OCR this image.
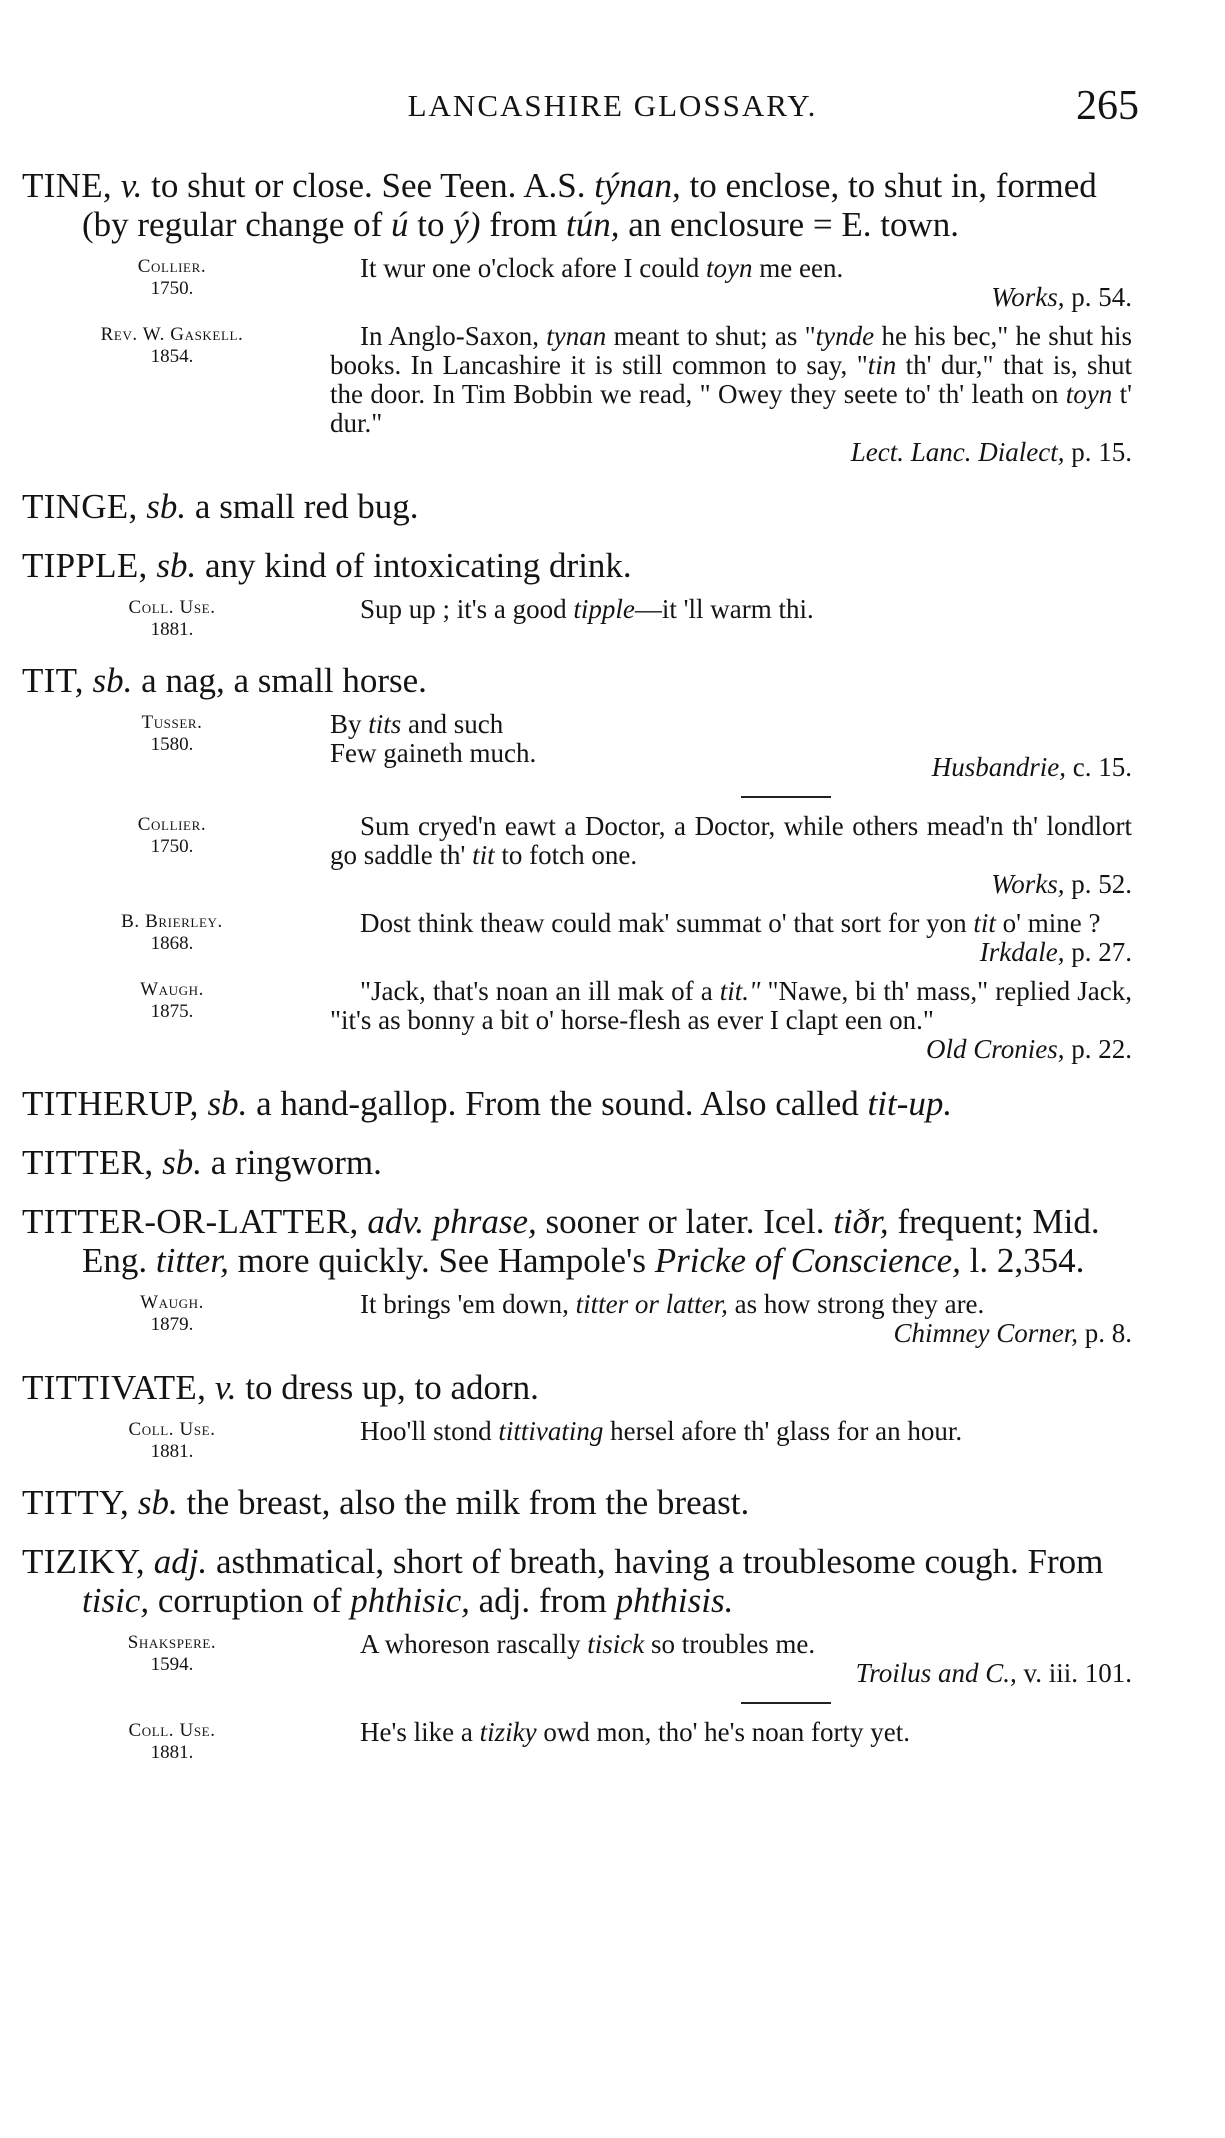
LANCASHIRE GLOSSARY.	265

TINE, v. to shut or close. See Teen. A.S. týnan, to enclose, to shut in, formed (by regular change of ú to ý) from tún, an enclosure = E. town.

Collier.
1750.

It wur one o'clock afore I could toyn me een.

Works, p. 54.
Rev. W. Gaskell.
1854.

In Anglo-Saxon, tynan meant to shut; as "tynde he his bec," he shut his books. In Lancashire it is still common to say, "tin th' dur," that is, shut the door. In Tim Bobbin we read, " Owey they seete to' th' leath on toyn t' dur."

Lect. Lanc. Dialect, p. 15.

TINGE, sb. a small red bug.

TIPPLE, sb. any kind of intoxicating drink.

Coll. Use.
1881.

Sup up ; it's a good tipple—it 'll warm thi.

TIT, sb. a nag, a small horse.

Tusser.
1580.
By tits and such
Few gaineth much.	Husbandrie, c. 15.
Collier.
1750.

Sum cryed'n eawt a Doctor, a Doctor, while others mead'n th' londlort go saddle th' tit to fotch one.

Works, p. 52.
B. Brierley.
1868.

Dost think theaw could mak' summat o' that sort for yon tit o' mine ?

Irkdale, p. 27.
Waugh.
1875.

"Jack, that's noan an ill mak of a tit." "Nawe, bi th' mass," replied Jack, "it's as bonny a bit o' horse-flesh as ever I clapt een on."

Old Cronies, p. 22.

TITHERUP, sb. a hand-gallop. From the sound. Also called tit-up.

TITTER, sb. a ringworm.

TITTER-OR-LATTER, adv. phrase, sooner or later. Icel. tiðr, frequent; Mid. Eng. titter, more quickly. See Hampole's Pricke of Conscience, l. 2,354.

Waugh.
1879.

It brings 'em down, titter or latter, as how strong they are.

Chimney Corner, p. 8.

TITTIVATE, v. to dress up, to adorn.

Coll. Use.
1881.

Hoo'll stond tittivating hersel afore th' glass for an hour.

TITTY, sb. the breast, also the milk from the breast.

TIZIKY, adj. asthmatical, short of breath, having a troublesome cough. From tisic, corruption of phthisic, adj. from phthisis.

Shakspere.
1594.

A whoreson rascally tisick so troubles me.

Troilus and C., v. iii. 101.
Coll. Use.
1881.

He's like a tiziky owd mon, tho' he's noan forty yet.
